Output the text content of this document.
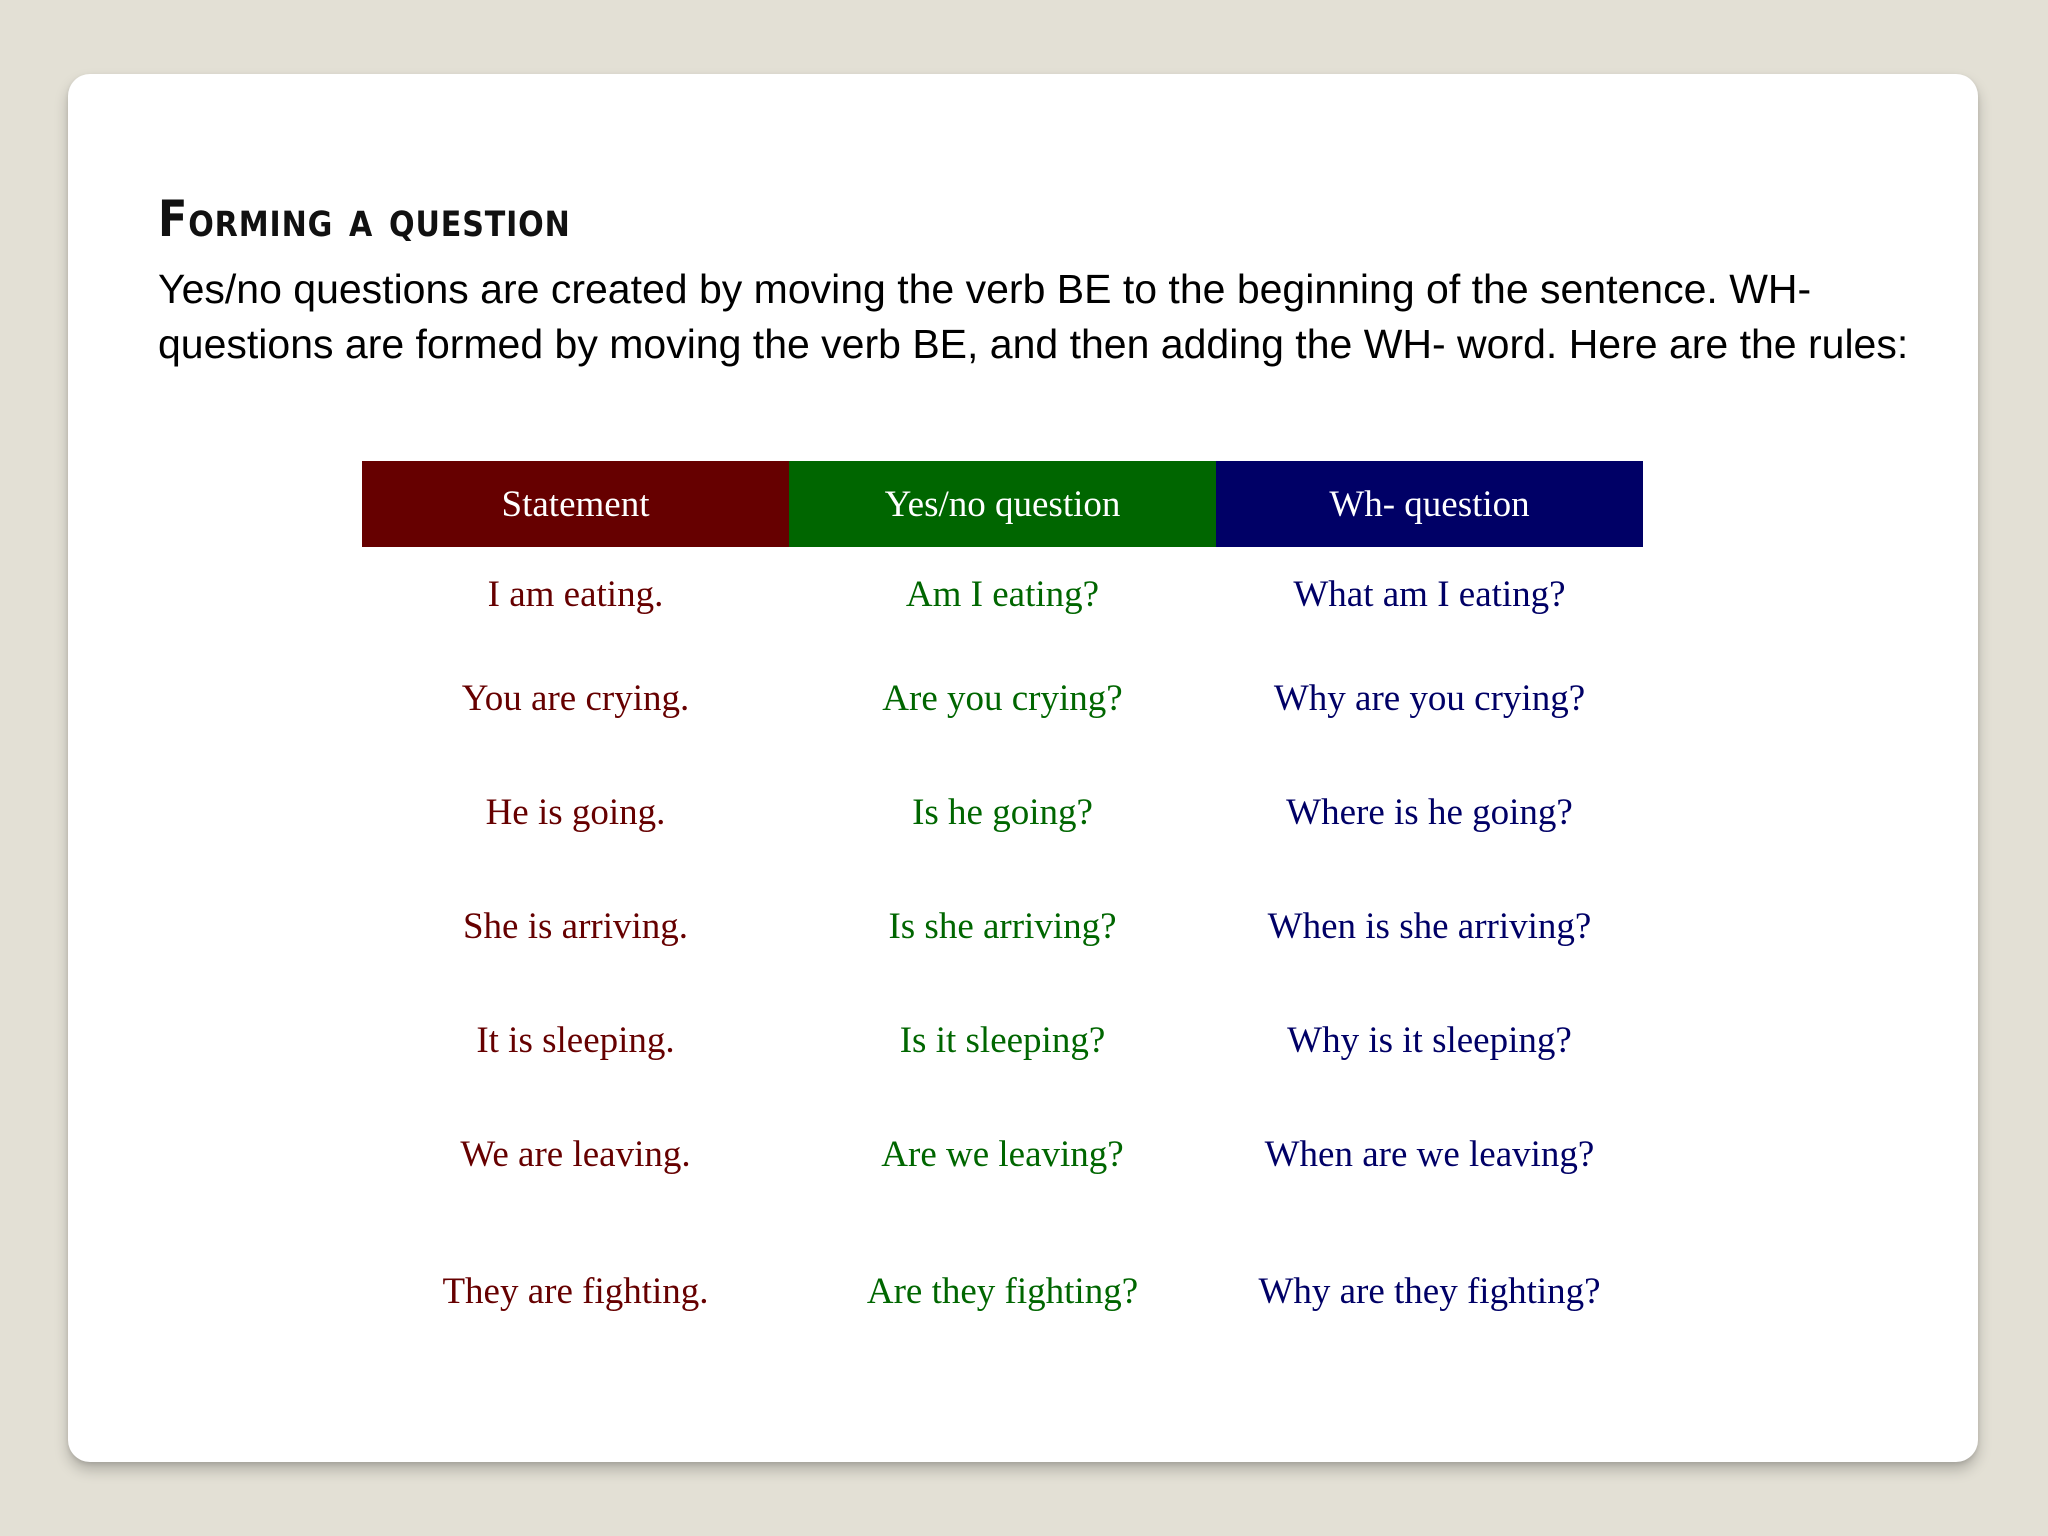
Forming a question

Yes/no questions are created by moving the verb BE to the beginning of the sentence. WH-questions are formed by moving the verb BE, and then adding the WH- word. Here are the rules:

Statement	Yes/no question	Wh- question
I am eating.	Am I eating?	What am I eating?
You are crying.	Are you crying?	Why are you crying?
He is going.	Is he going?	Where is he going?
She is arriving.	Is she arriving?	When is she arriving?
It is sleeping.	Is it sleeping?	Why is it sleeping?
We are leaving.	Are we leaving?	When are we leaving?
They are fighting.	Are they fighting?	Why are they fighting?
